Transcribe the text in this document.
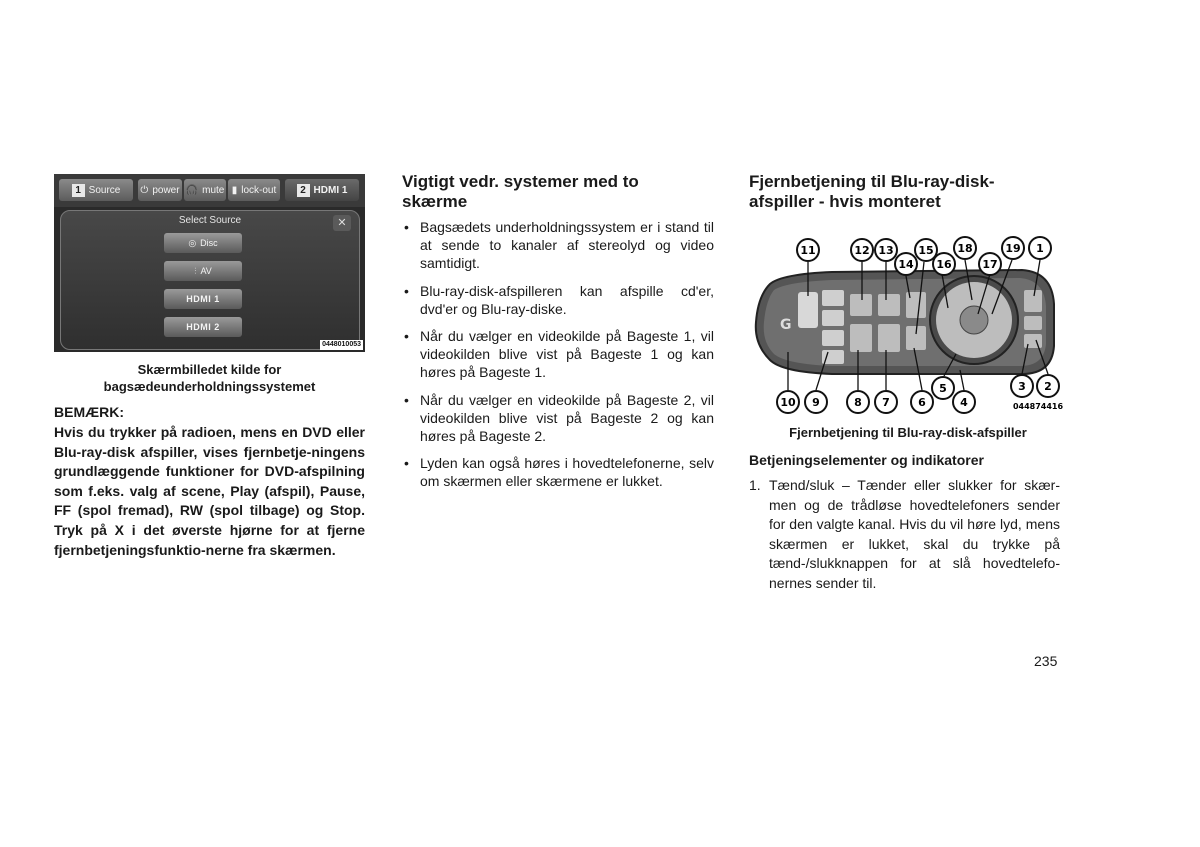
1 Source ⏻ power 🎧 mute ▮ lock-out	2 HDMI 1
Select Source	✕
◎ Disc
⫶ AV
HDMI 1
HDMI 2
0448010053
Skærmbilledet kilde for bagsædeunderholdningssystemet
BEMÆRK:

Hvis du trykker på radioen, mens en DVD eller Blu-ray-disk afspiller, vises fjernbetje-ningens grundlæggende funktioner for DVD-afspilning som f.eks. valg af scene, Play (afspil), Pause, FF (spol fremad), RW (spol tilbage) og Stop. Tryk på X i det øverste hjørne for at fjerne fjernbetjeningsfunktio-nerne fra skærmen.

Vigtigt vedr. systemer med to skærme
• Bagsædets underholdningssystem er i stand til at sende to kanaler af stereolyd og video samtidigt.
• Blu-ray-disk-afspilleren kan afspille cd'er, dvd'er og Blu-ray-diske.
• Når du vælger en videokilde på Bageste 1, vil videokilden blive vist på Bageste 1 og kan høres på Bageste 1.
• Når du vælger en videokilde på Bageste 2, vil videokilden blive vist på Bageste 2 og kan høres på Bageste 2.
• Lyden kan også høres i hovedtelefonerne, selv om skærmen eller skærmene er lukket.
Fjernbetjening til Blu-ray-disk-afspiller - hvis monteret
G
11	12 13
14
15
16
18
17
19 1
10 9	8 7	6
5
4
3 2
044874416
Fjernbetjening til Blu-ray-disk-afspiller
Betjeningselementer og indikatorer
1. Tænd/sluk – Tænder eller slukker for skær-men og de trådløse hovedtelefoners sender for den valgte kanal. Hvis du vil høre lyd, mens skærmen er lukket, skal du trykke på tænd-/slukknappen for at slå hovedtelefo-nernes sender til.
235
